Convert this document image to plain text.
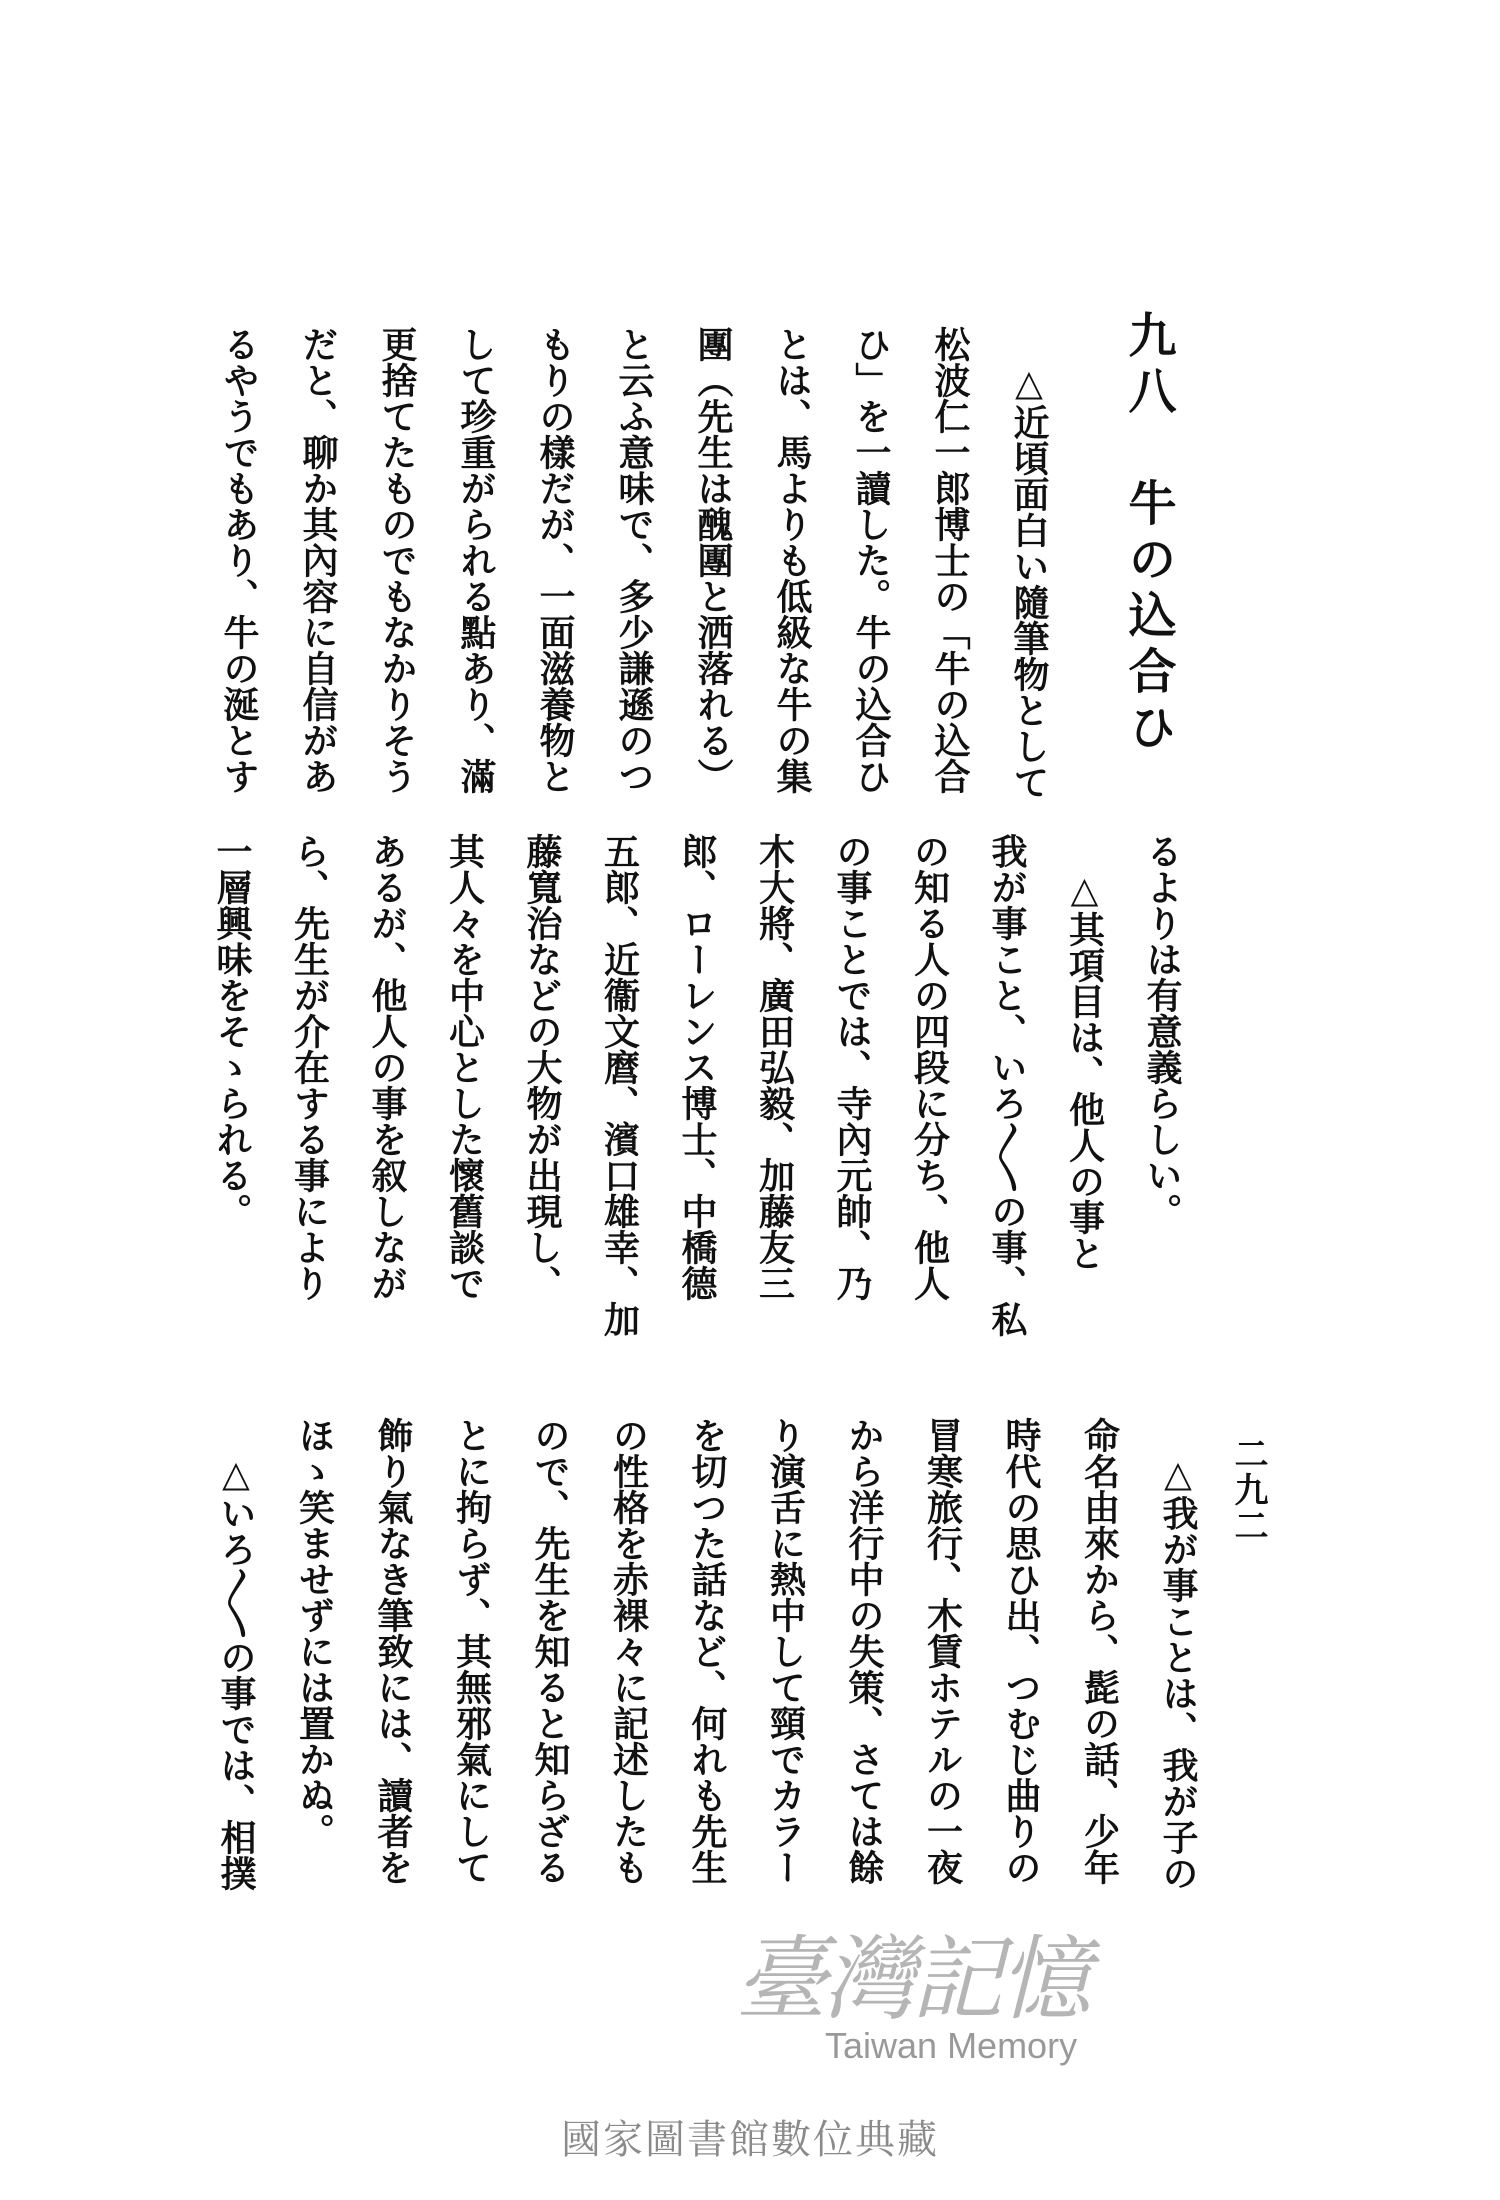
九八　牛の込合ひ
△近頃面白い隨筆物として
松波仁一郎博士の「牛の込合
ひ」を一讀した。牛の込合ひ
とは、馬よりも低級な牛の集
團（先生は醜團と洒落れる）
と云ふ意味で、多少謙遜のつ
もりの樣だが、一面滋養物と
して珍重がられる點あり、滿
更捨てたものでもなかりそう
だと、聊か其內容に自信があ
るやうでもあり、牛の涎とす
るよりは有意義らしい。
△其項目は、他人の事と
我が事こと、いろ〳〵の事、私
の知る人の四段に分ち、他人
の事ことでは、寺內元帥、乃
木大將、廣田弘毅、加藤友三
郎、ローレンス博士、中橋德
五郎、近衞文麿、濱口雄幸、加
藤寬治などの大物が出現し、
其人々を中心とした懷舊談で
あるが、他人の事を叙しなが
ら、先生が介在する事により
一層興味をそゝられる。
二九二
△我が事ことは、我が子の
命名由來から、髭の話、少年
時代の思ひ出、つむじ曲りの
冒寒旅行、木賃ホテルの一夜
から洋行中の失策、さては餘
り演舌に熱中して頸でカラー
を切つた話など、何れも先生
の性格を赤裸々に記述したも
ので、先生を知ると知らざる
とに拘らず、其無邪氣にして
飾り氣なき筆致には、讀者を
ほゝ笑ませずには置かぬ。
△いろ〳〵の事では、相撲
臺灣記憶
Taiwan Memory
國家圖書館數位典藏
